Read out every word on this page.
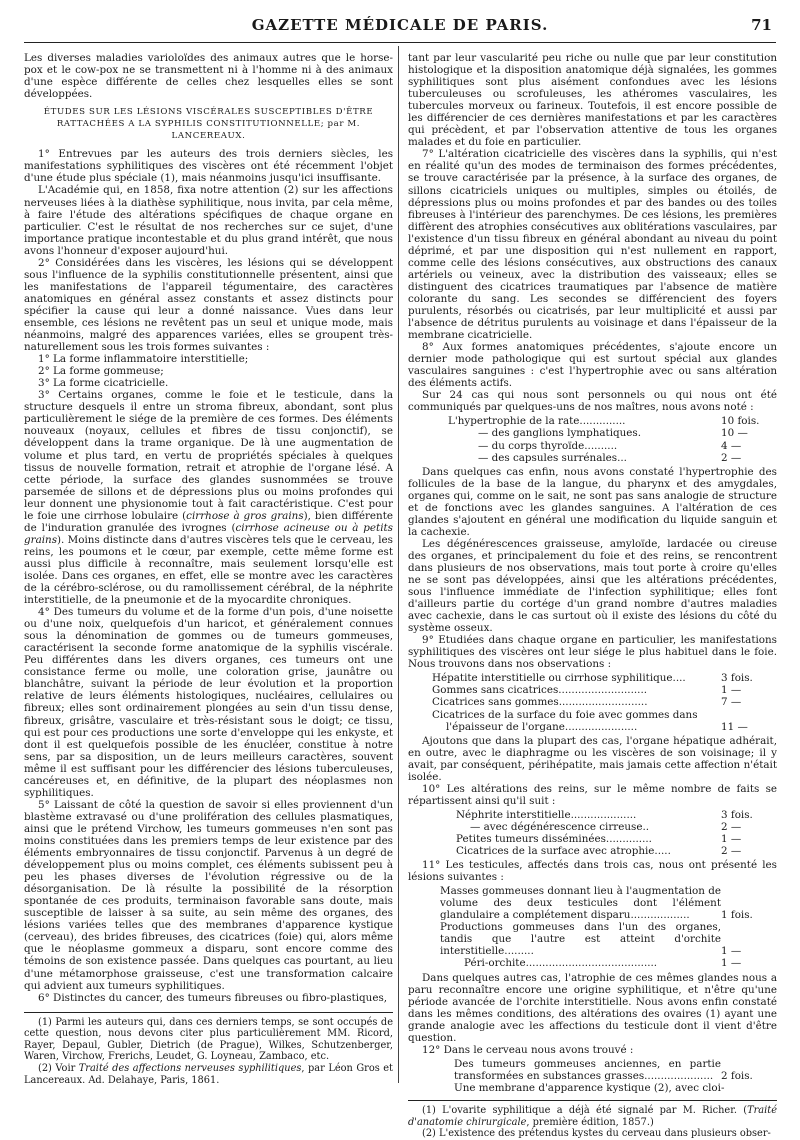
GAZETTE MÉDICALE DE PARIS.	71

Les diverses maladies varioloïdes des animaux autres que le horse-pox et le cow-pox ne se transmettent ni à l'homme ni à des animaux d'une espèce différente de celles chez lesquelles elles se sont développées.

ÉTUDES SUR LES LÉSIONS VISCÉRALES SUSCEPTIBLES D'ÊTRE RATTACHÉES A LA SYPHILIS CONSTITUTIONNELLE; par M. LANCEREAUX.

1° Entrevues par les auteurs des trois derniers siècles, les manifestations syphilitiques des viscères ont été récemment l'objet d'une étude plus spéciale (1), mais néanmoins jusqu'ici insuffisante.

L'Académie qui, en 1858, fixa notre attention (2) sur les affections nerveuses liées à la diathèse syphilitique, nous invita, par cela même, à faire l'étude des altérations spécifiques de chaque organe en particulier. C'est le résultat de nos recherches sur ce sujet, d'une importance pratique incontestable et du plus grand intérêt, que nous avons l'honneur d'exposer aujourd'hui.

2° Considérées dans les viscères, les lésions qui se développent sous l'influence de la syphilis constitutionnelle présentent, ainsi que les manifestations de l'appareil tégumentaire, des caractères anatomiques en général assez constants et assez distincts pour spécifier la cause qui leur a donné naissance. Vues dans leur ensemble, ces lésions ne revêtent pas un seul et unique mode, mais néanmoins, malgré des apparences variées, elles se groupent très-naturellement sous les trois formes suivantes :

1° La forme inflammatoire interstitielle;
2° La forme gommeuse;
3° La forme cicatricielle.

3° Certains organes, comme le foie et le testicule, dans la structure desquels il entre un stroma fibreux, abondant, sont plus particulièrement le siége de la première de ces formes. Des éléments nouveaux (noyaux, cellules et fibres de tissu conjonctif), se développent dans la trame organique. De là une augmentation de volume et plus tard, en vertu de propriétés spéciales à quelques tissus de nouvelle formation, retrait et atrophie de l'organe lésé. A cette période, la surface des glandes susnommées se trouve parsemée de sillons et de dépressions plus ou moins profondes qui leur donnent une physionomie tout à fait caractéristique. C'est pour le foie une cirrhose lobulaire (cirrhose à gros grains), bien différente de l'induration granulée des ivrognes (cirrhose acineuse ou à petits grains). Moins distincte dans d'autres viscères tels que le cerveau, les reins, les poumons et le cœur, par exemple, cette même forme est aussi plus difficile à reconnaître, mais seulement lorsqu'elle est isolée. Dans ces organes, en effet, elle se montre avec les caractères de la cérébro-sclérose, ou du ramollissement cérébral, de la néphrite interstitielle, de la pneumonie et de la myocardite chroniques.

4° Des tumeurs du volume et de la forme d'un pois, d'une noisette ou d'une noix, quelquefois d'un haricot, et généralement connues sous la dénomination de gommes ou de tumeurs gommeuses, caractérisent la seconde forme anatomique de la syphilis viscérale. Peu différentes dans les divers organes, ces tumeurs ont une consistance ferme ou molle, une coloration grise, jaunâtre ou blanchâtre, suivant la période de leur évolution et la proportion relative de leurs éléments histologiques, nucléaires, cellulaires ou fibreux; elles sont ordinairement plongées au sein d'un tissu dense, fibreux, grisâtre, vasculaire et très-résistant sous le doigt; ce tissu, qui est pour ces productions une sorte d'enveloppe qui les enkyste, et dont il est quelquefois possible de les énucléer, constitue à notre sens, par sa disposition, un de leurs meilleurs caractères, souvent même il est suffisant pour les différencier des lésions tuberculeuses, cancéreuses et, en définitive, de la plupart des néoplasmes non syphilitiques.

5° Laissant de côté la question de savoir si elles proviennent d'un blastème extravasé ou d'une prolifération des cellules plasmatiques, ainsi que le prétend Virchow, les tumeurs gommeuses n'en sont pas moins constituées dans les premiers temps de leur existence par des éléments embryonnaires de tissu conjonctif. Parvenus à un degré de développement plus ou moins complet, ces éléments subissent peu à peu les phases diverses de l'évolution régressive ou de la désorganisation. De là résulte la possibilité de la résorption spontanée de ces produits, terminaison favorable sans doute, mais susceptible de laisser à sa suite, au sein même des organes, des lésions variées telles que des membranes d'apparence kystique (cerveau), des brides fibreuses, des cicatrices (foie) qui, alors même que le néoplasme gommeux a disparu, sont encore comme des témoins de son existence passée. Dans quelques cas pourtant, au lieu d'une métamorphose graisseuse, c'est une transformation calcaire qui advient aux tumeurs syphilitiques.

6° Distinctes du cancer, des tumeurs fibreuses ou fibro-plastiques,

(1) Parmi les auteurs qui, dans ces derniers temps, se sont occupés de cette question, nous devons citer plus particulièrement MM. Ricord, Rayer, Depaul, Gubler, Dietrich (de Prague), Wilkes, Schutzenberger, Waren, Virchow, Frerichs, Leudet, G. Loyneau, Zambaco, etc.

(2) Voir Traité des affections nerveuses syphilitiques, par Léon Gros et Lancereaux. Ad. Delahaye, Paris, 1861.

tant par leur vascularité peu riche ou nulle que par leur constitution histologique et la disposition anatomique déjà signalées, les gommes syphilitiques sont plus aisément confondues avec les lésions tuberculeuses ou scrofuleuses, les athéromes vasculaires, les tubercules morveux ou farineux. Toutefois, il est encore possible de les différencier de ces dernières manifestations et par les caractères qui précèdent, et par l'observation attentive de tous les organes malades et du foie en particulier.

7° L'altération cicatricielle des viscères dans la syphilis, qui n'est en réalité qu'un des modes de terminaison des formes précédentes, se trouve caractérisée par la présence, à la surface des organes, de sillons cicatriciels uniques ou multiples, simples ou étoilés, de dépressions plus ou moins profondes et par des bandes ou des toiles fibreuses à l'intérieur des parenchymes. De ces lésions, les premières diffèrent des atrophies consécutives aux oblitérations vasculaires, par l'existence d'un tissu fibreux en général abondant au niveau du point déprimé, et par une disposition qui n'est nullement en rapport, comme celle des lésions consécutives, aux obstructions des canaux artériels ou veineux, avec la distribution des vaisseaux; elles se distinguent des cicatrices traumatiques par l'absence de matière colorante du sang. Les secondes se différencient des foyers purulents, résorbés ou cicatrisés, par leur multiplicité et aussi par l'absence de détritus purulents au voisinage et dans l'épaisseur de la membrane cicatricielle.

8° Aux formes anatomiques précédentes, s'ajoute encore un dernier mode pathologique qui est surtout spécial aux glandes vasculaires sanguines : c'est l'hypertrophie avec ou sans altération des éléments actifs.

Sur 24 cas qui nous sont personnels ou qui nous ont été communiqués par quelques-uns de nos maîtres, nous avons noté :

L'hypertrophie de la rate..............	10 fois.
— des ganglions lymphatiques.	10 —
— du corps thyroïde..........	4 —
— des capsules surrénales...	2 —

Dans quelques cas enfin, nous avons constaté l'hypertrophie des follicules de la base de la langue, du pharynx et des amygdales, organes qui, comme on le sait, ne sont pas sans analogie de structure et de fonctions avec les glandes sanguines. A l'altération de ces glandes s'ajoutent en général une modification du liquide sanguin et la cachexie.

Les dégénérescences graisseuse, amyloïde, lardacée ou cireuse des organes, et principalement du foie et des reins, se rencontrent dans plusieurs de nos observations, mais tout porte à croire qu'elles ne se sont pas développées, ainsi que les altérations précédentes, sous l'influence immédiate de l'infection syphilitique; elles font d'ailleurs partie du cortége d'un grand nombre d'autres maladies avec cachexie, dans le cas surtout où il existe des lésions du côté du système osseux.

9° Etudiées dans chaque organe en particulier, les manifestations syphilitiques des viscères ont leur siége le plus habituel dans le foie. Nous trouvons dans nos observations :

Hépatite interstitielle ou cirrhose syphilitique....	3 fois.
Gommes sans cicatrices...........................	1 —
Cicatrices sans gommes...........................	7 —
Cicatrices de la surface du foie avec gommes dans
l'épaisseur de l'organe......................	11 —

Ajoutons que dans la plupart des cas, l'organe hépatique adhérait, en outre, avec le diaphragme ou les viscères de son voisinage; il y avait, par conséquent, périhépatite, mais jamais cette affection n'était isolée.

10° Les altérations des reins, sur le même nombre de faits se répartissent ainsi qu'il suit :

Néphrite interstitielle....................	3 fois.
— avec dégénérescence cirreuse..	2 —
Petites tumeurs disséminées..............	1 —
Cicatrices de la surface avec atrophie.....	2 —

11° Les testicules, affectés dans trois cas, nous ont présenté les lésions suivantes :

Masses gommeuses donnant lieu à l'augmentation de volume des deux testicules dont l'élément glandulaire a complétement disparu..................	1 fois.
Productions gommeuses dans l'un des organes, tandis que l'autre est atteint d'orchite interstitielle.........	1 —
Péri-orchite........................................	1 —

Dans quelques autres cas, l'atrophie de ces mêmes glandes nous a paru reconnaître encore une origine syphilitique, et n'être qu'une période avancée de l'orchite interstitielle. Nous avons enfin constaté dans les mêmes conditions, des altérations des ovaires (1) ayant une grande analogie avec les affections du testicule dont il vient d'être question.

12° Dans le cerveau nous avons trouvé :

Des tumeurs gommeuses anciennes, en partie transformées en substances grasses..................... 2 fois.
Une membrane d'apparence kystique (2), avec cloi-

(1) L'ovarite syphilitique a déjà été signalé par M. Richer. (Traité d'anatomie chirurgicale, première édition, 1857.)

(2) L'existence des prétendus kystes du cerveau dans plusieurs obser-
